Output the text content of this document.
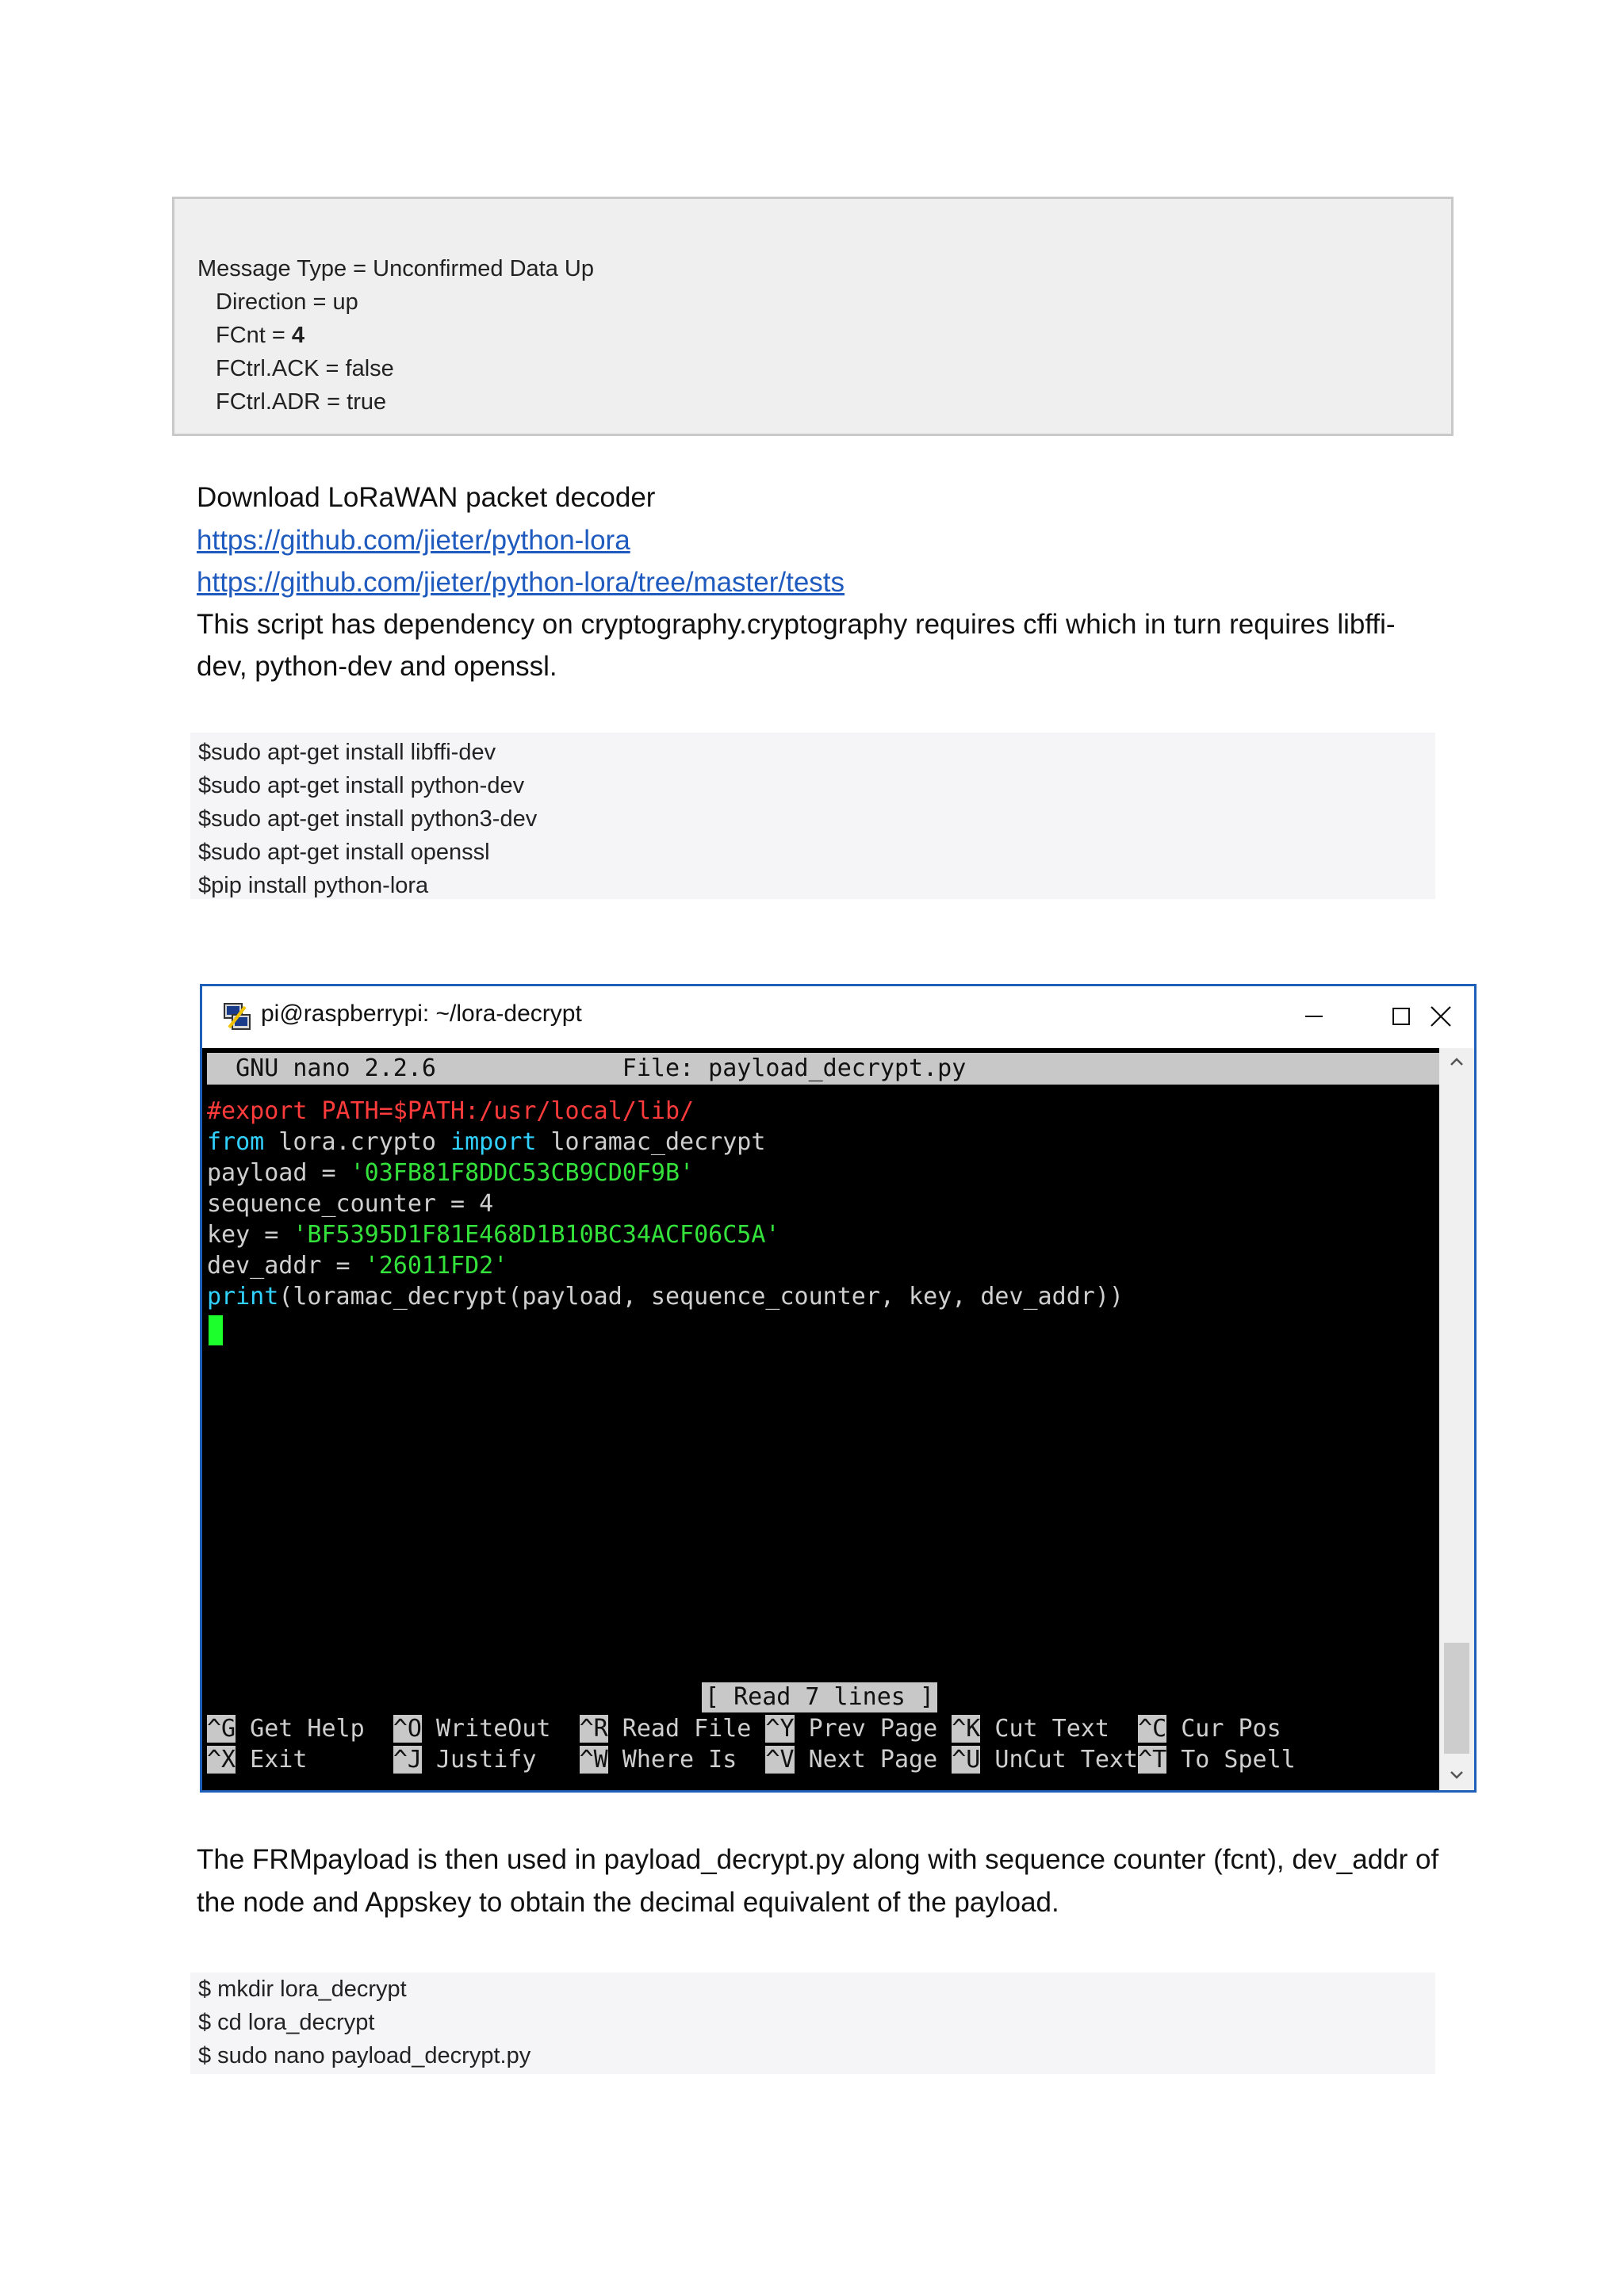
Message Type = Unconfirmed Data Up
Direction = up
FCnt = 4
FCtrl.ACK = false
FCtrl.ADR = true
Download LoRaWAN packet decoder
https://github.com/jieter/python-lora
https://github.com/jieter/python-lora/tree/master/tests
This script has dependency on cryptography.cryptography requires cffi which in turn requires libffi-
dev, python-dev and openssl.
$sudo apt-get install libffi-dev
$sudo apt-get install python-dev
$sudo apt-get install python3-dev
$sudo apt-get install openssl
$pip install python-lora
pi@raspberrypi: ~/lora-decrypt
GNU nano 2.2.6             File: payload_decrypt.py
#export PATH=$PATH:/usr/local/lib/
from lora.crypto import loramac_decrypt
payload = '03FB81F8DDC53CB9CD0F9B'
sequence_counter = 4
key = 'BF5395D1F81E468D1B10BC34ACF06C5A'
dev_addr = '26011FD2'
print(loramac_decrypt(payload, sequence_counter, key, dev_addr))
[ Read 7 lines ]
^G Get Help  ^O WriteOut  ^R Read File ^Y Prev Page ^K Cut Text  ^C Cur Pos
^X Exit      ^J Justify   ^W Where Is  ^V Next Page ^U UnCut Text^T To Spell
The FRMpayload is then used in payload_decrypt.py along with sequence counter (fcnt), dev_addr of
the node and Appskey to obtain the decimal equivalent of the payload.
$ mkdir lora_decrypt
$ cd lora_decrypt
$ sudo nano payload_decrypt.py
